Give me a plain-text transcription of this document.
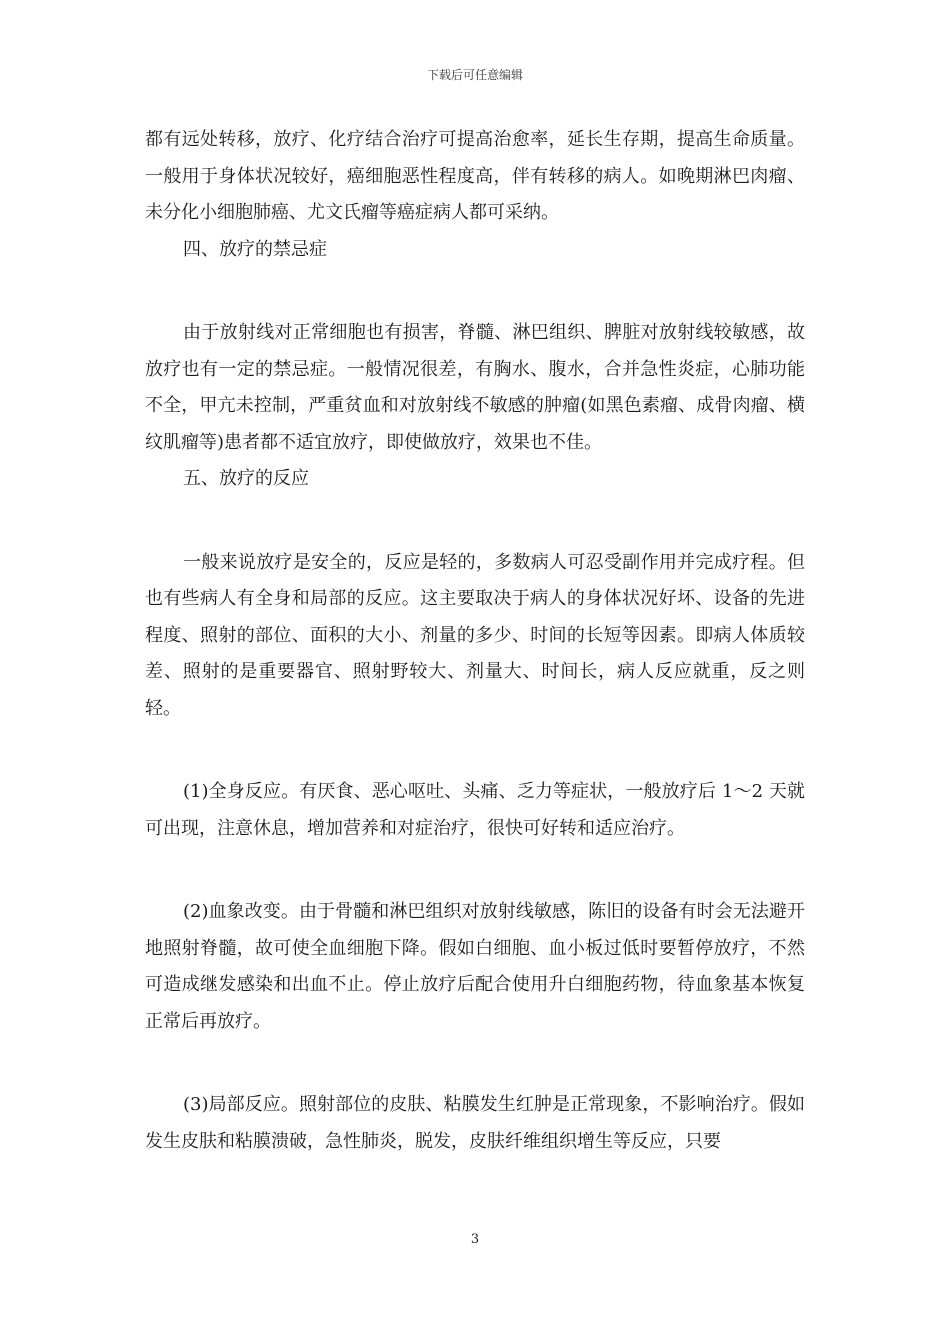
下载后可任意编辑

都有远处转移，放疗、化疗结合治疗可提高治愈率，延长生存期，提高生命质量。一般用于身体状况较好，癌细胞恶性程度高，伴有转移的病人。如晚期淋巴肉瘤、未分化小细胞肺癌、尤文氏瘤等癌症病人都可采纳。

四、放疗的禁忌症

由于放射线对正常细胞也有损害，脊髓、淋巴组织、脾脏对放射线较敏感，故放疗也有一定的禁忌症。一般情况很差，有胸水、腹水，合并急性炎症，心肺功能不全，甲亢未控制，严重贫血和对放射线不敏感的肿瘤(如黑色素瘤、成骨肉瘤、横纹肌瘤等)患者都不适宜放疗，即使做放疗，效果也不佳。

五、放疗的反应

一般来说放疗是安全的，反应是轻的，多数病人可忍受副作用并完成疗程。但也有些病人有全身和局部的反应。这主要取决于病人的身体状况好坏、设备的先进程度、照射的部位、面积的大小、剂量的多少、时间的长短等因素。即病人体质较差、照射的是重要器官、照射野较大、剂量大、时间长，病人反应就重，反之则轻。

(1)全身反应。有厌食、恶心呕吐、头痛、乏力等症状，一般放疗后 1～2 天就可出现，注意休息，增加营养和对症治疗，很快可好转和适应治疗。

(2)血象改变。由于骨髓和淋巴组织对放射线敏感，陈旧的设备有时会无法避开地照射脊髓，故可使全血细胞下降。假如白细胞、血小板过低时要暂停放疗，不然可造成继发感染和出血不止。停止放疗后配合使用升白细胞药物，待血象基本恢复正常后再放疗。

(3)局部反应。照射部位的皮肤、粘膜发生红肿是正常现象，不影响治疗。假如发生皮肤和粘膜溃破，急性肺炎，脱发，皮肤纤维组织增生等反应，只要

3
